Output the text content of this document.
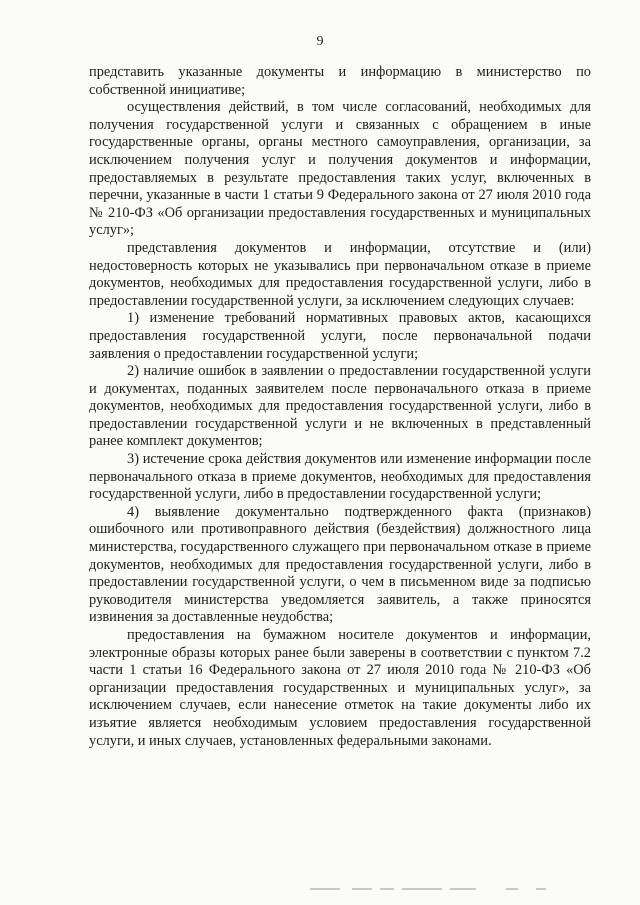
9

представить указанные документы и информацию в министерство по собственной инициативе;

осуществления действий, в том числе согласований, необходимых для получения государственной услуги и связанных с обращением в иные государственные органы, органы местного самоуправления, организации, за исключением получения услуг и получения документов и информации, предоставляемых в результате предоставления таких услуг, включенных в перечни, указанные в части 1 статьи 9 Федерального закона от 27 июля 2010 года № 210-ФЗ «Об организации предоставления государственных и муниципальных услуг»;

представления документов и информации, отсутствие и (или) недостоверность которых не указывались при первоначальном отказе в приеме документов, необходимых для предоставления государственной услуги, либо в предоставлении государственной услуги, за исключением следующих случаев:

1) изменение требований нормативных правовых актов, касающихся предоставления государственной услуги, после первоначальной подачи заявления о предоставлении государственной услуги;

2) наличие ошибок в заявлении о предоставлении государственной услуги и документах, поданных заявителем после первоначального отказа в приеме документов, необходимых для предоставления государственной услуги, либо в предоставлении государственной услуги и не включенных в представленный ранее комплект документов;

3) истечение срока действия документов или изменение информации после первоначального отказа в приеме документов, необходимых для предоставления государственной услуги, либо в предоставлении государственной услуги;

4) выявление документально подтвержденного факта (признаков) ошибочного или противоправного действия (бездействия) должностного лица министерства, государственного служащего при первоначальном отказе в приеме документов, необходимых для предоставления государственной услуги, либо в предоставлении государственной услуги, о чем в письменном виде за подписью руководителя министерства уведомляется заявитель, а также приносятся извинения за доставленные неудобства;

предоставления на бумажном носителе документов и информации, электронные образы которых ранее были заверены в соответствии с пунктом 7.2 части 1 статьи 16 Федерального закона от 27 июля 2010 года № 210-ФЗ «Об организации предоставления государственных и муниципальных услуг», за исключением случаев, если нанесение отметок на такие документы либо их изъятие является необходимым условием предоставления государственной услуги, и иных случаев, установленных федеральными законами.
